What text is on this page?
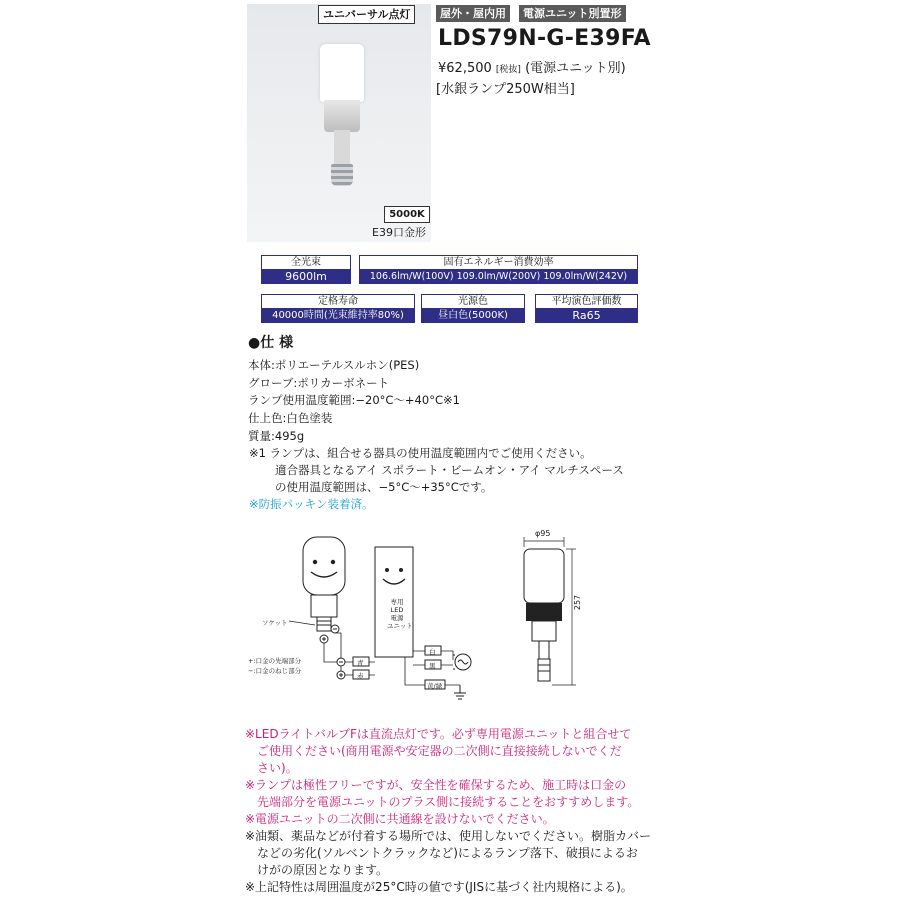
5000K
E39口金形
ユニバーサル点灯	屋外・屋内用	電源ユニット別置形
LDS79N-G-E39FA
¥62,500 [税抜] (電源ユニット別)
[水銀ランプ250W相当]
全光束
9600lm
固有エネルギー消費効率
106.6lm/W(100V) 109.0lm/W(200V) 109.0lm/W(242V)
定格寿命
40000時間(光束維持率80%)
光源色
昼白色(5000K)
平均演色評価数
Ra65
●仕 様
本体:ポリエーテルスルホン(PES)
グローブ:ポリカーボネート
ランプ使用温度範囲:−20°C〜+40°C※1
仕上色:白色塗装
質量:495g
※1 ランプは、組合せる器具の使用温度範囲内でご使用ください。
適合器具となるアイ スポラート・ビームオン・アイ マルチスペース
の使用温度範囲は、−5°C〜+35°Cです。
※防振パッキン装着済。
ソケット
専用
LED
電源
ユニット
+:口金の先端部分
−:口金のねじ部分
青
赤
白
黒
黄/緑
φ95
257
※LEDライトバルブFは直流点灯です。必ず専用電源ユニットと組合せて
ご使用ください(商用電源や安定器の二次側に直接接続しないでくだ
さい)。
※ランプは極性フリーですが、安全性を確保するため、施工時は口金の
先端部分を電源ユニットのプラス側に接続することをおすすめします。
※電源ユニットの二次側に共通線を設けないでください。
※油類、薬品などが付着する場所では、使用しないでください。樹脂カバー
などの劣化(ソルベントクラックなど)によるランプ落下、破損によるお
けがの原因となります。
※上記特性は周囲温度が25°C時の値です(JISに基づく社内規格による)。
